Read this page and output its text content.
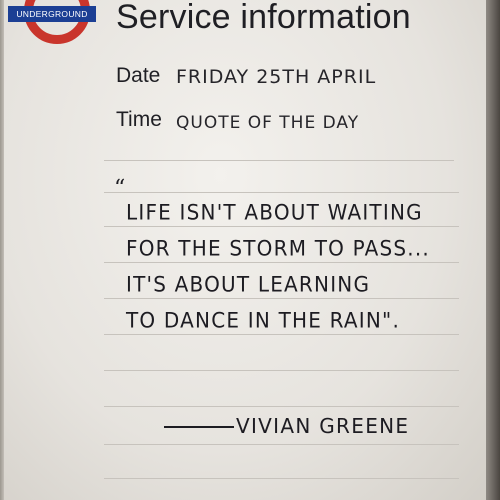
UNDERGROUND Service information
Date FRIDAY 25TH APRIL
Time QUOTE OF THE DAY
“
LIFE ISN'T ABOUT WAITING
FOR THE STORM TO PASS...
IT'S ABOUT LEARNING
TO DANCE IN THE RAIN".
VIVIAN GREENE
